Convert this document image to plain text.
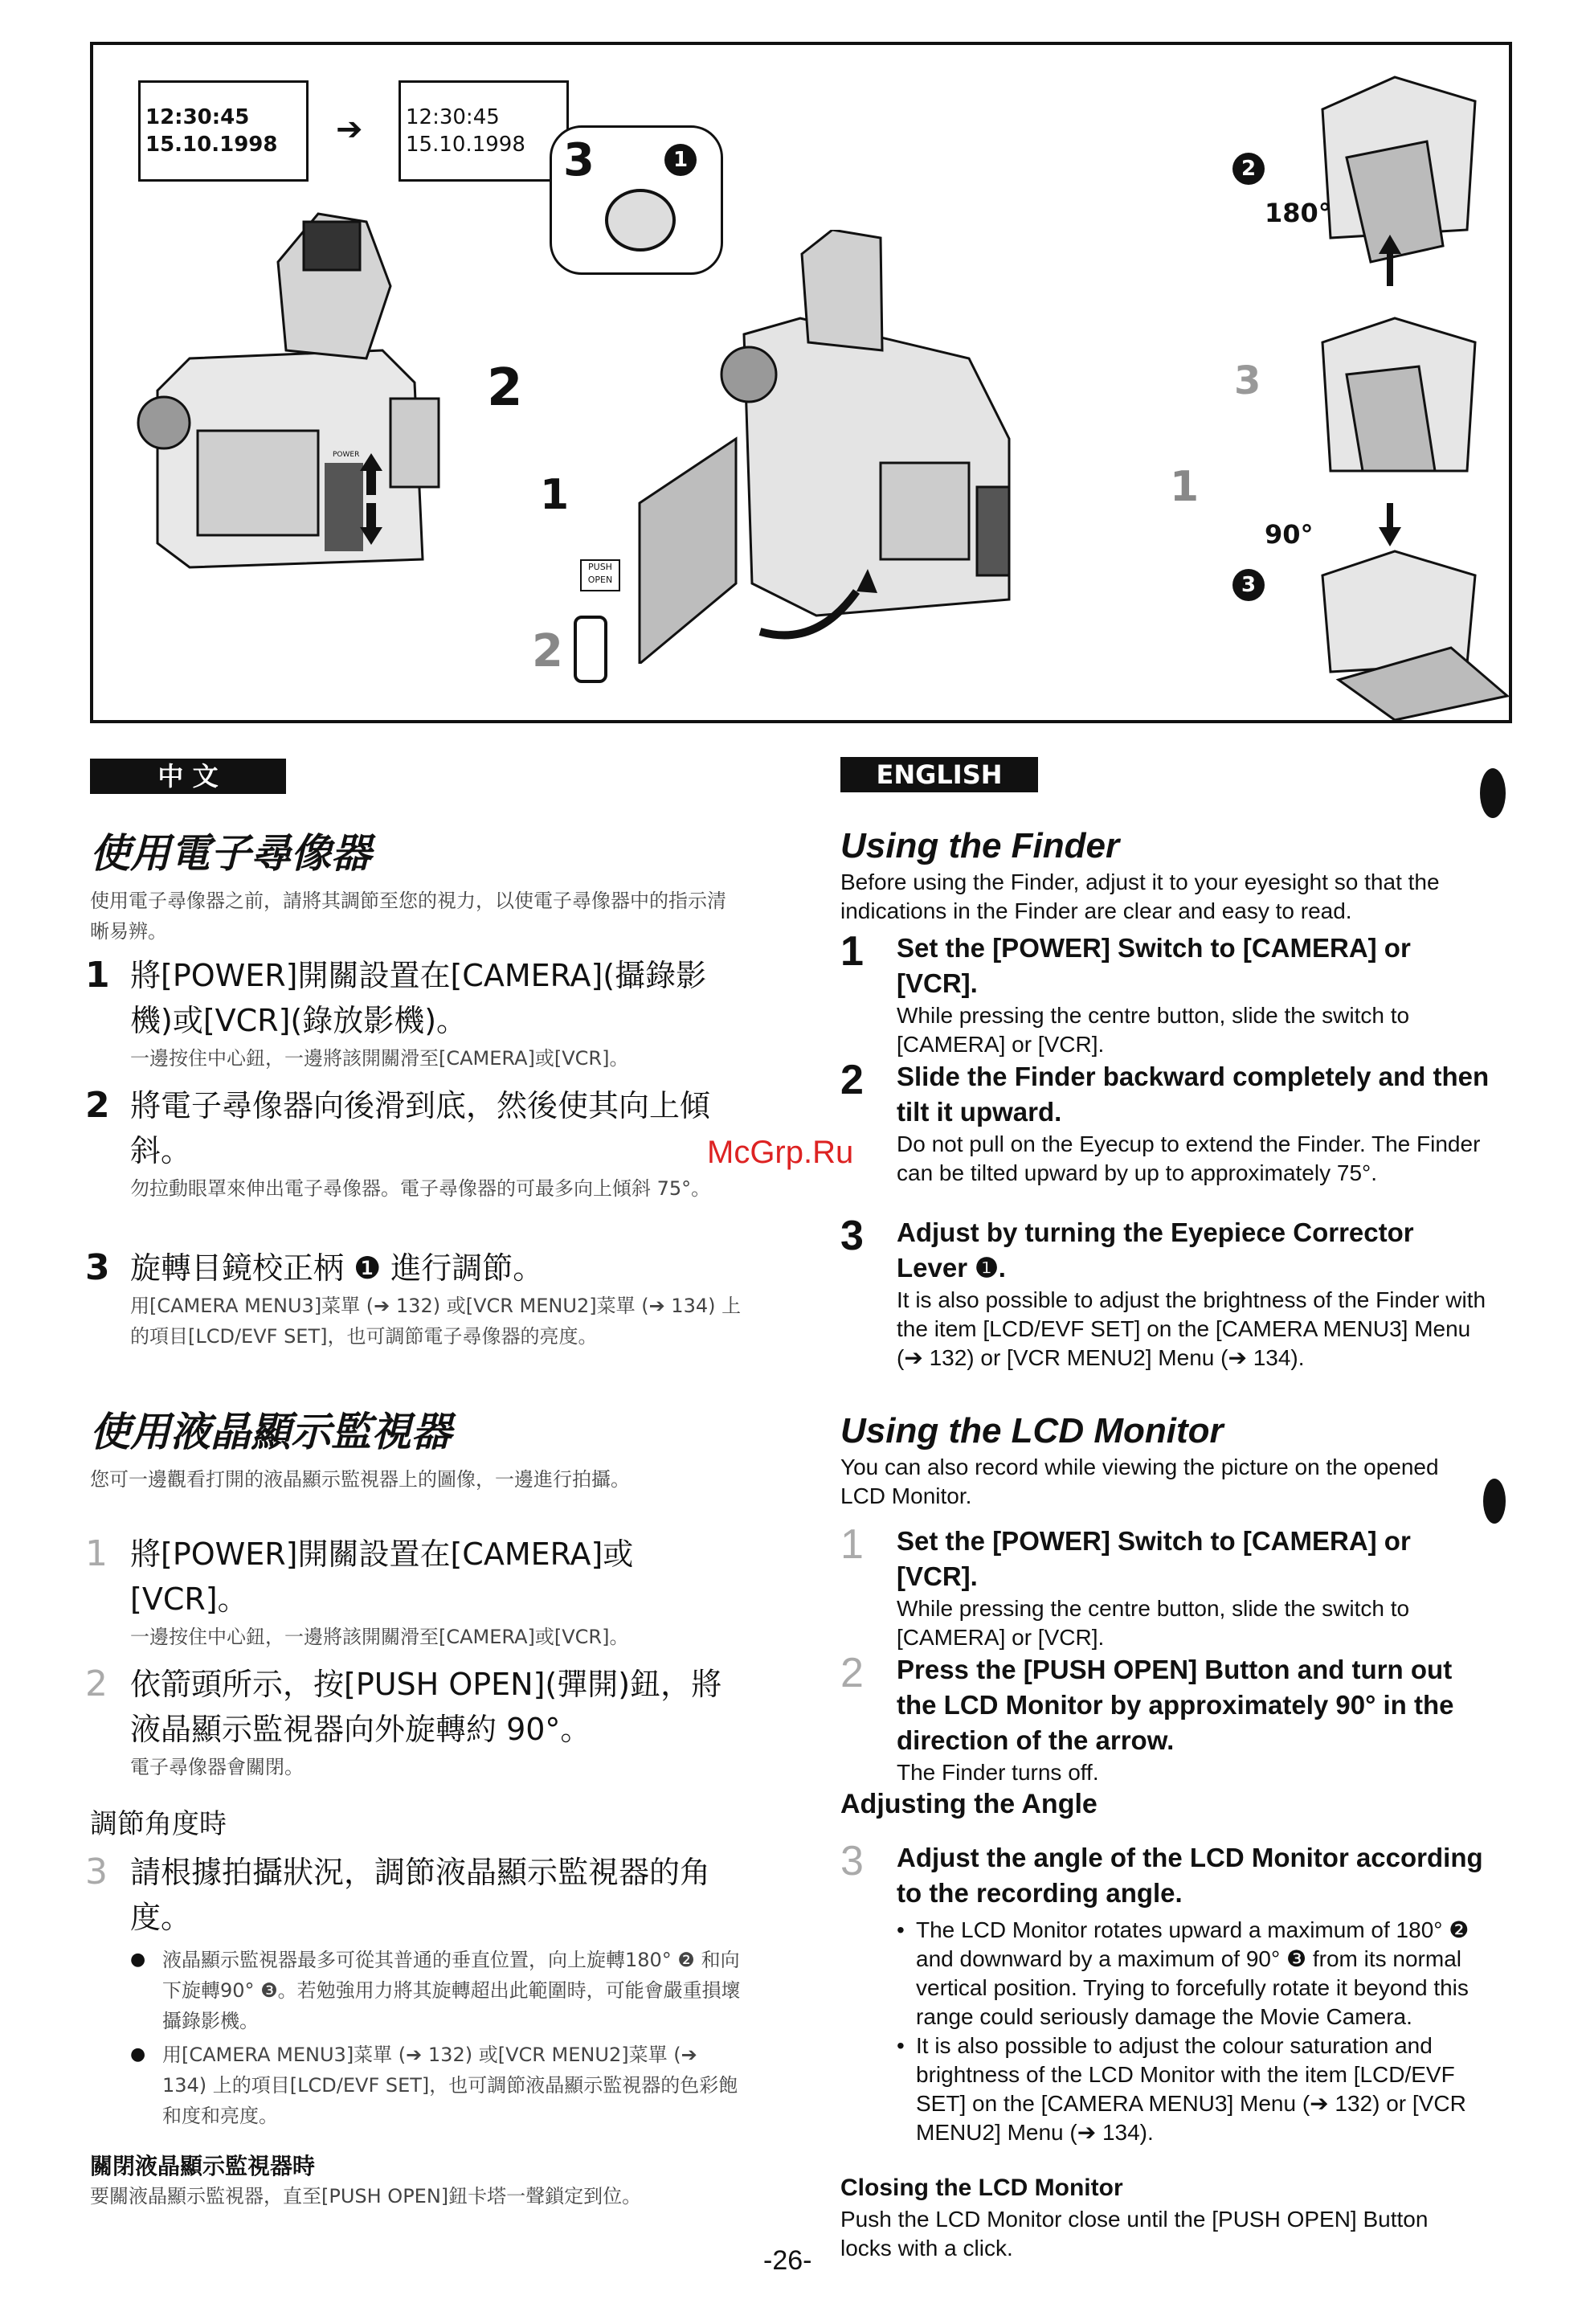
12:30:45
15.10.1998	➔ 12:30:45
15.10.1998
POWER
3	1
2
1
PUSH OPEN
2
1
2
180°
3
90°
3
中 文
使用電子尋像器
使用電子尋像器之前，請將其調節至您的視力，以使電子尋像器中的指示清晰易辨。
1 將[POWER]開關設置在[CAMERA](攝錄影機)或[VCR](錄放影機)。
一邊按住中心鈕，一邊將該開關滑至[CAMERA]或[VCR]。
2 將電子尋像器向後滑到底，然後使其向上傾斜。
勿拉動眼罩來伸出電子尋像器。電子尋像器的可最多向上傾斜 75°。
3 旋轉目鏡校正柄 ❶ 進行調節。
用[CAMERA MENU3]菜單 (➔ 132) 或[VCR MENU2]菜單 (➔ 134) 上的項目[LCD/EVF SET]，也可調節電子尋像器的亮度。
使用液晶顯示監視器
您可一邊觀看打開的液晶顯示監視器上的圖像，一邊進行拍攝。
1 將[POWER]開關設置在[CAMERA]或[VCR]。
一邊按住中心鈕，一邊將該開關滑至[CAMERA]或[VCR]。
2 依箭頭所示，按[PUSH OPEN](彈開)鈕，將液晶顯示監視器向外旋轉約 90°。
電子尋像器會關閉。
調節角度時
3 請根據拍攝狀況，調節液晶顯示監視器的角度。
● 液晶顯示監視器最多可從其普通的垂直位置，向上旋轉180° ❷ 和向下旋轉90° ❸。若勉強用力將其旋轉超出此範圍時，可能會嚴重損壞攝錄影機。
● 用[CAMERA MENU3]菜單 (➔ 132) 或[VCR MENU2]菜單 (➔ 134) 上的項目[LCD/EVF SET]，也可調節液晶顯示監視器的色彩飽和度和亮度。
關閉液晶顯示監視器時
要關液晶顯示監視器，直至[PUSH OPEN]鈕卡塔一聲鎖定到位。
-26-
McGrp.Ru
ENGLISH
Using the Finder
Before using the Finder, adjust it to your eyesight so that the indications in the Finder are clear and easy to read.
1 Set the [POWER] Switch to [CAMERA] or [VCR].
While pressing the centre button, slide the switch to [CAMERA] or [VCR].
2 Slide the Finder backward completely and then tilt it upward.
Do not pull on the Eyecup to extend the Finder. The Finder can be tilted upward by up to approximately 75°.
3 Adjust by turning the Eyepiece Corrector Lever ❶.
It is also possible to adjust the brightness of the Finder with the item [LCD/EVF SET] on the [CAMERA MENU3] Menu (➔ 132) or [VCR MENU2] Menu (➔ 134).
Using the LCD Monitor
You can also record while viewing the picture on the opened LCD Monitor.
1 Set the [POWER] Switch to [CAMERA] or [VCR].
While pressing the centre button, slide the switch to [CAMERA] or [VCR].
2 Press the [PUSH OPEN] Button and turn out the LCD Monitor by approximately 90° in the direction of the arrow.
The Finder turns off.
Adjusting the Angle
3 Adjust the angle of the LCD Monitor according to the recording angle.
• The LCD Monitor rotates upward a maximum of 180° ❷ and downward by a maximum of 90° ❸ from its normal vertical position. Trying to forcefully rotate it beyond this range could seriously damage the Movie Camera.
• It is also possible to adjust the colour saturation and brightness of the LCD Monitor with the item [LCD/EVF SET] on the [CAMERA MENU3] Menu (➔ 132) or [VCR MENU2] Menu (➔ 134).
Closing the LCD Monitor
Push the LCD Monitor close until the [PUSH OPEN] Button locks with a click.
